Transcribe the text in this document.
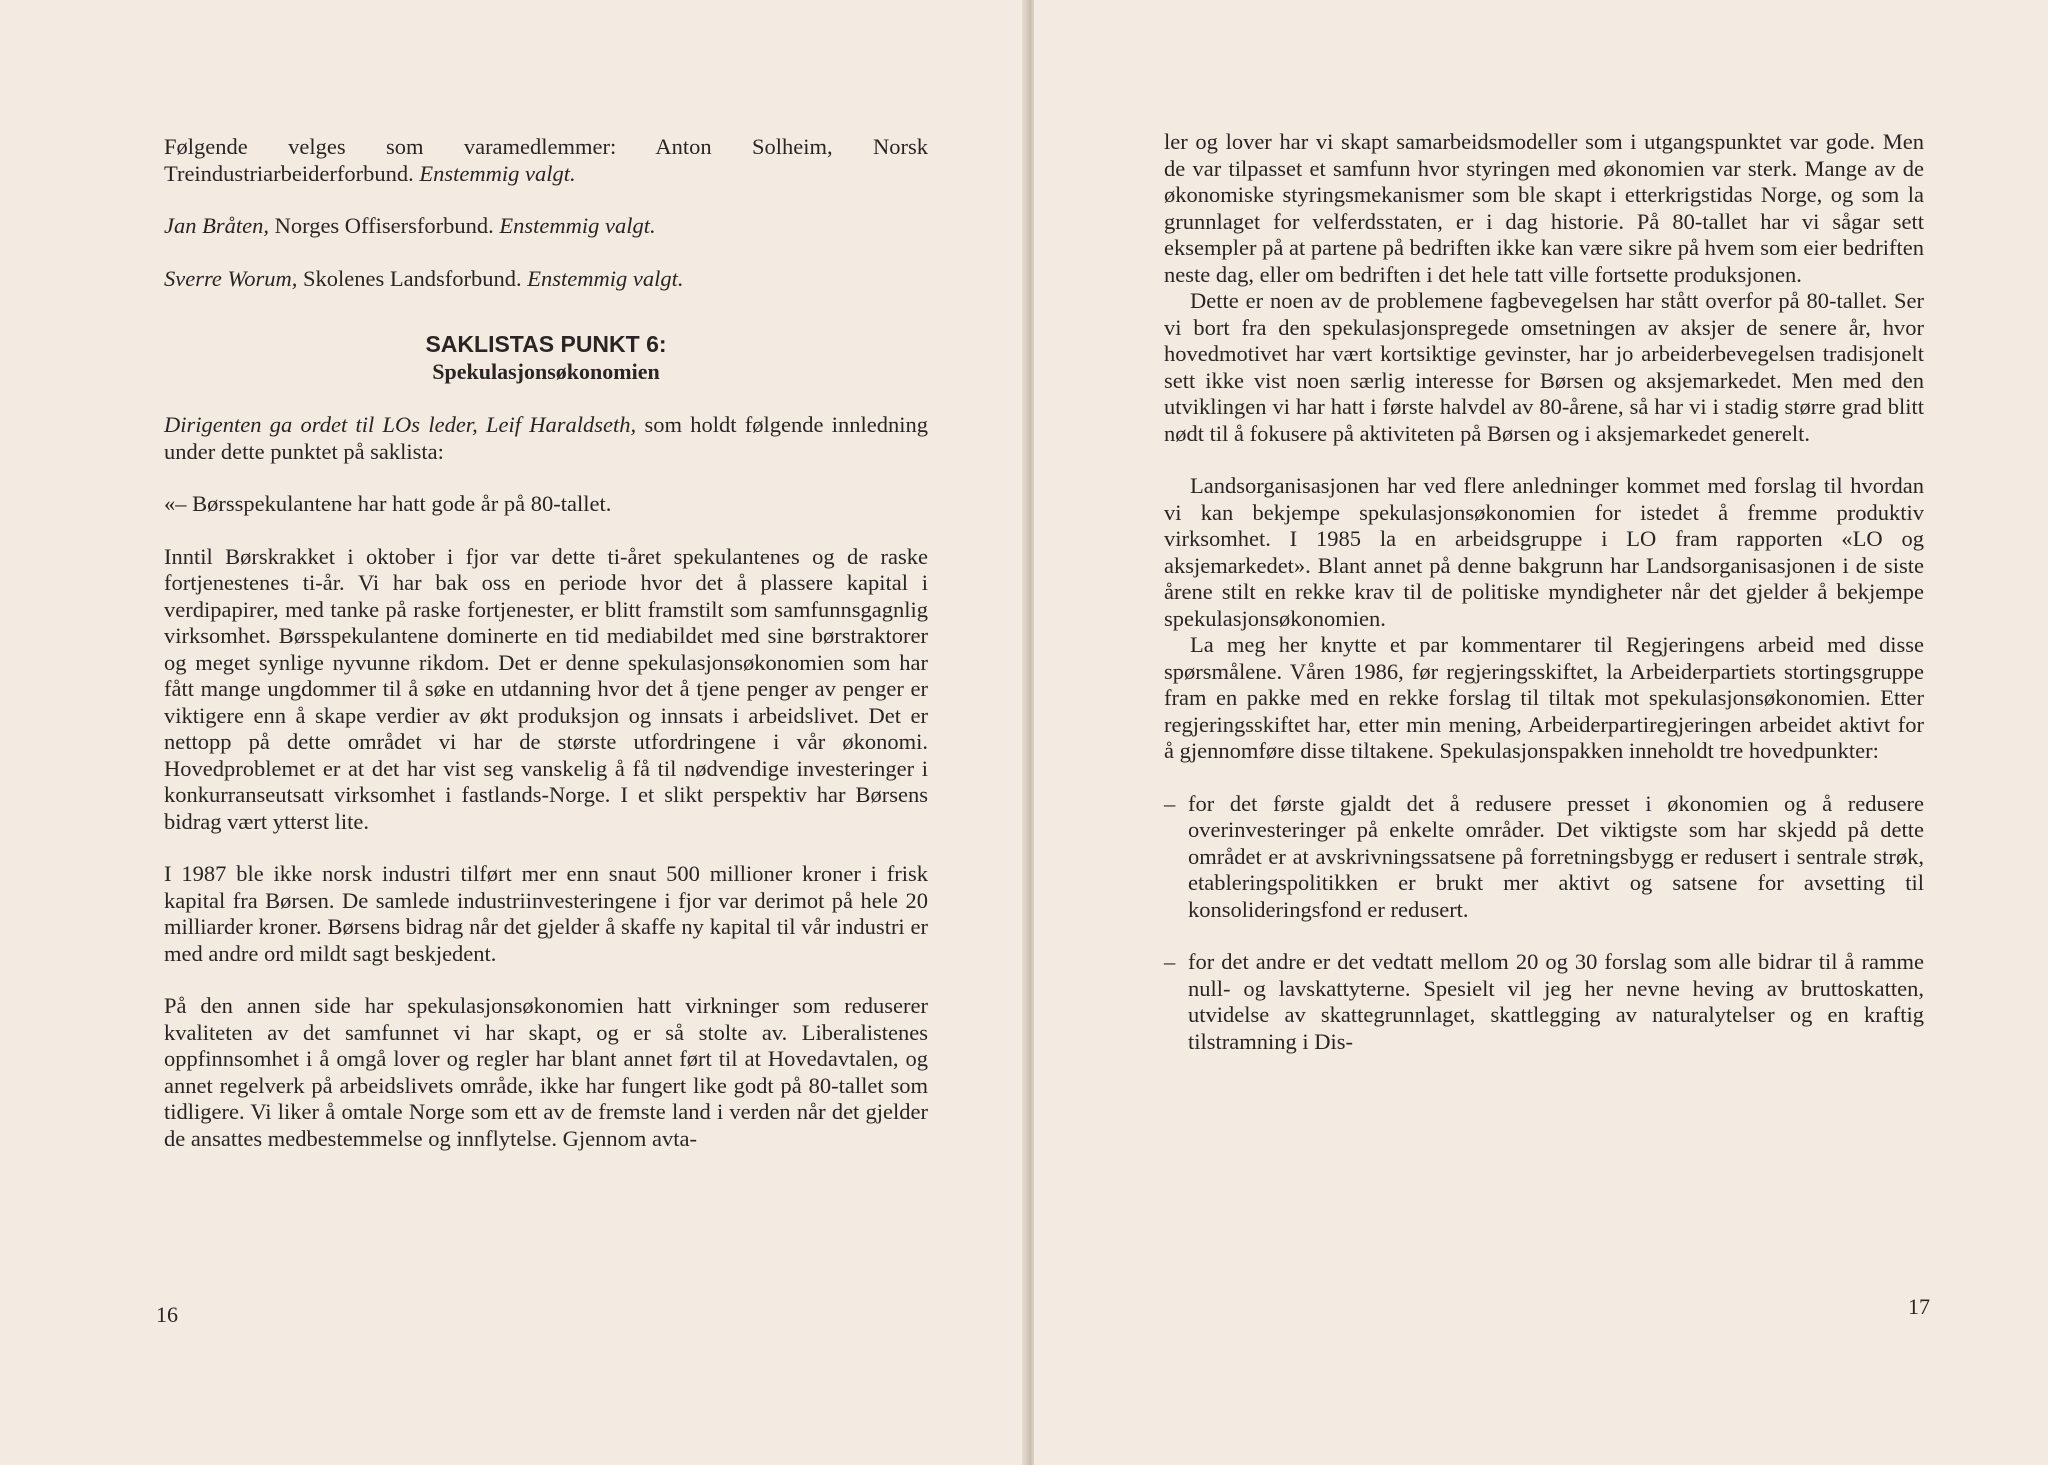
Følgende velges som varamedlemmer: Anton Solheim, Norsk Treindustriarbeiderforbund. Enstemmig valgt.

Jan Bråten, Norges Offisersforbund. Enstemmig valgt.

Sverre Worum, Skolenes Landsforbund. Enstemmig valgt.

SAKLISTAS PUNKT 6:
Spekulasjonsøkonomien

Dirigenten ga ordet til LOs leder, Leif Haraldseth, som holdt følgende innledning under dette punktet på saklista:

«– Børsspekulantene har hatt gode år på 80-tallet.

Inntil Børskrakket i oktober i fjor var dette ti-året spekulantenes og de raske fortjenestenes ti-år. Vi har bak oss en periode hvor det å plassere kapital i verdipapirer, med tanke på raske fortjenester, er blitt framstilt som samfunnsgagnlig virksomhet. Børsspekulantene dominerte en tid mediabildet med sine børstraktorer og meget synlige nyvunne rikdom. Det er denne spekulasjonsøkonomien som har fått mange ungdommer til å søke en utdanning hvor det å tjene penger av penger er viktigere enn å skape verdier av økt produksjon og innsats i arbeidslivet. Det er nettopp på dette området vi har de største utfordringene i vår økonomi. Hovedproblemet er at det har vist seg vanskelig å få til nødvendige investeringer i konkurranseutsatt virksomhet i fastlands-Norge. I et slikt perspektiv har Børsens bidrag vært ytterst lite.

I 1987 ble ikke norsk industri tilført mer enn snaut 500 millioner kroner i frisk kapital fra Børsen. De samlede industriinvesteringene i fjor var derimot på hele 20 milliarder kroner. Børsens bidrag når det gjelder å skaffe ny kapital til vår industri er med andre ord mildt sagt beskjedent.

På den annen side har spekulasjonsøkonomien hatt virkninger som reduserer kvaliteten av det samfunnet vi har skapt, og er så stolte av. Liberalistenes oppfinnsomhet i å omgå lover og regler har blant annet ført til at Hovedavtalen, og annet regelverk på arbeidslivets område, ikke har fungert like godt på 80-tallet som tidligere. Vi liker å omtale Norge som ett av de fremste land i verden når det gjelder de ansattes medbestemmelse og innflytelse. Gjennom avta-

16

ler og lover har vi skapt samarbeidsmodeller som i utgangspunktet var gode. Men de var tilpasset et samfunn hvor styringen med økonomien var sterk. Mange av de økonomiske styringsmekanismer som ble skapt i etterkrigstidas Norge, og som la grunnlaget for velferdsstaten, er i dag historie. På 80-tallet har vi sågar sett eksempler på at partene på bedriften ikke kan være sikre på hvem som eier bedriften neste dag, eller om bedriften i det hele tatt ville fortsette produksjonen.

Dette er noen av de problemene fagbevegelsen har stått overfor på 80-tallet. Ser vi bort fra den spekulasjonspregede omsetningen av aksjer de senere år, hvor hovedmotivet har vært kortsiktige gevinster, har jo arbeiderbevegelsen tradisjonelt sett ikke vist noen særlig interesse for Børsen og aksjemarkedet. Men med den utviklingen vi har hatt i første halvdel av 80-årene, så har vi i stadig større grad blitt nødt til å fokusere på aktiviteten på Børsen og i aksjemarkedet generelt.

Landsorganisasjonen har ved flere anledninger kommet med forslag til hvordan vi kan bekjempe spekulasjonsøkonomien for istedet å fremme produktiv virksomhet. I 1985 la en arbeidsgruppe i LO fram rapporten «LO og aksjemarkedet». Blant annet på denne bakgrunn har Landsorganisasjonen i de siste årene stilt en rekke krav til de politiske myndigheter når det gjelder å bekjempe spekulasjonsøkonomien.

La meg her knytte et par kommentarer til Regjeringens arbeid med disse spørsmålene. Våren 1986, før regjeringsskiftet, la Arbeiderpartiets stortingsgruppe fram en pakke med en rekke forslag til tiltak mot spekulasjonsøkonomien. Etter regjeringsskiftet har, etter min mening, Arbeiderpartiregjeringen arbeidet aktivt for å gjennomføre disse tiltakene. Spekulasjonspakken inneholdt tre hovedpunkter:

– for det første gjaldt det å redusere presset i økonomien og å redusere overinvesteringer på enkelte områder. Det viktigste som har skjedd på dette området er at avskrivningssatsene på forretningsbygg er redusert i sentrale strøk, etableringspolitikken er brukt mer aktivt og satsene for avsetting til konsolideringsfond er redusert.
– for det andre er det vedtatt mellom 20 og 30 forslag som alle bidrar til å ramme null- og lavskattyterne. Spesielt vil jeg her nevne heving av bruttoskatten, utvidelse av skattegrunnlaget, skattlegging av naturalytelser og en kraftig tilstramning i Dis-
17
